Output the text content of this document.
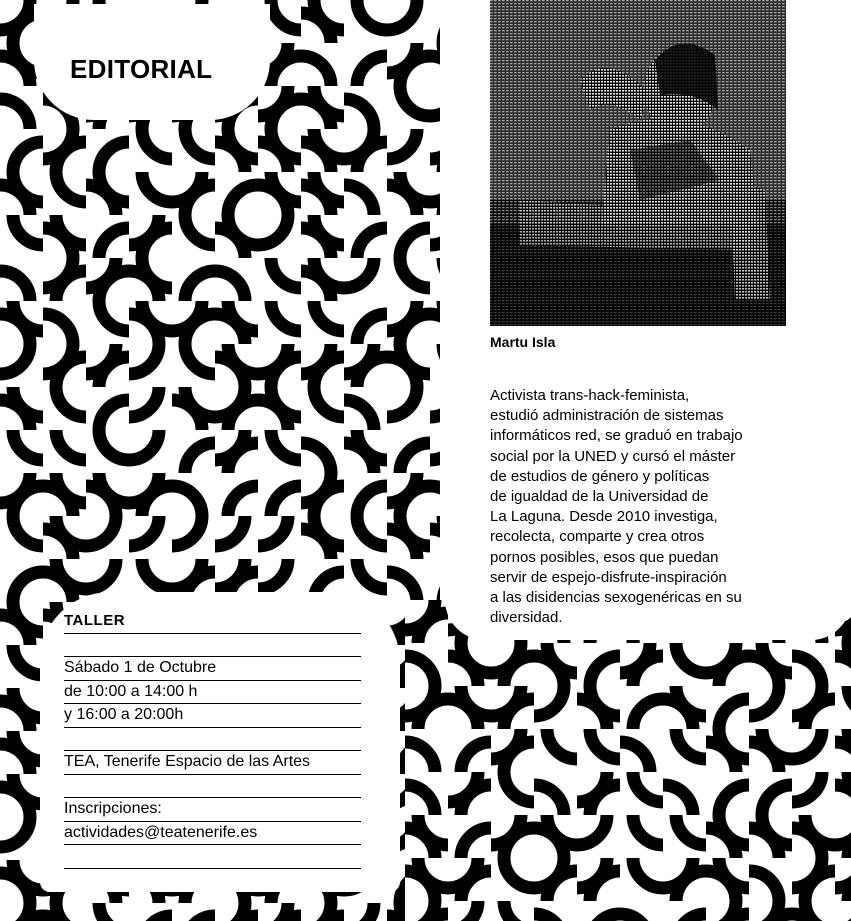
EDITORIAL

Martu Isla

Activista trans-hack-feminista,
estudió administración de sistemas
informáticos red, se graduó en trabajo
social por la UNED y cursó el máster
de estudios de género y políticas
de igualdad de la Universidad de
La Laguna. Desde 2010 investiga,
recolecta, comparte y crea otros
pornos posibles, esos que puedan
servir de espejo-disfrute-inspiración
a las disidencias sexogenéricas en su
diversidad.

TALLER
Sábado 1 de Octubre
de 10:00 a 14:00 h
y 16:00 a 20:00h
TEA, Tenerife Espacio de las Artes
Inscripciones:
actividades@teatenerife.es
